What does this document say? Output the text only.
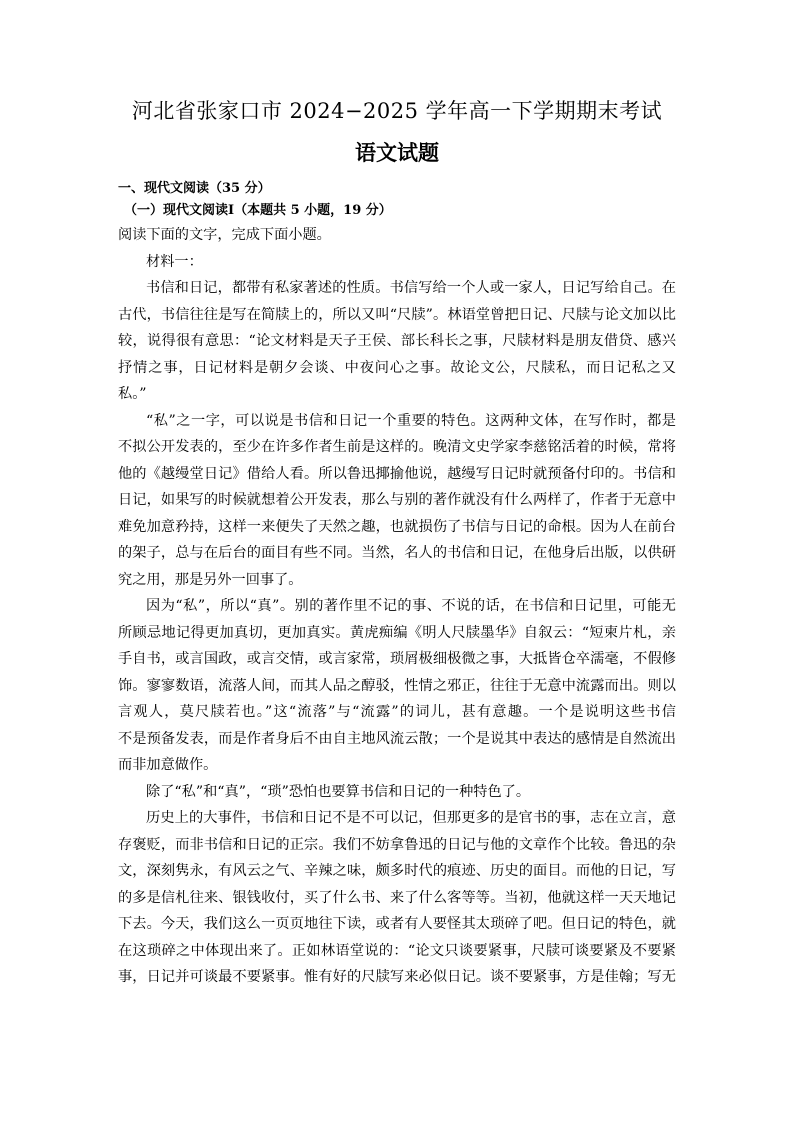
河北省张家口市 2024−2025 学年高一下学期期末考试
语文试题
一、现代文阅读（35 分）
（一）现代文阅读Ⅰ（本题共 5 小题，19 分）
阅读下面的文字，完成下面小题。
材料一：
书信和日记，都带有私家著述的性质。书信写给一个人或一家人，日记写给自己。在
古代，书信往往是写在简牍上的，所以又叫“尺牍”。林语堂曾把日记、尺牍与论文加以比
较，说得很有意思：“论文材料是天子王侯、部长科长之事，尺牍材料是朋友借贷、感兴
抒情之事，日记材料是朝夕会谈、中夜问心之事。故论文公，尺牍私，而日记私之又
私。”
“私”之一字，可以说是书信和日记一个重要的特色。这两种文体，在写作时，都是
不拟公开发表的，至少在许多作者生前是这样的。晚清文史学家李慈铭活着的时候，常将
他的《越缦堂日记》借给人看。所以鲁迅揶揄他说，越缦写日记时就预备付印的。书信和
日记，如果写的时候就想着公开发表，那么与别的著作就没有什么两样了，作者于无意中
难免加意矜持，这样一来便失了天然之趣，也就损伤了书信与日记的命根。因为人在前台
的架子，总与在后台的面目有些不同。当然，名人的书信和日记，在他身后出版，以供研
究之用，那是另外一回事了。
因为“私”，所以“真”。别的著作里不记的事、不说的话，在书信和日记里，可能无
所顾忌地记得更加真切，更加真实。黄虎痴编《明人尺牍墨华》自叙云：“短柬片札，亲
手自书，或言国政，或言交情，或言家常，琐屑极细极微之事，大抵皆仓卒濡毫，不假修
饰。寥寥数语，流落人间，而其人品之醇驳，性情之邪正，往往于无意中流露而出。则以
言观人，莫尺牍若也。”这“流落”与“流露”的词儿，甚有意趣。一个是说明这些书信
不是预备发表，而是作者身后不由自主地风流云散；一个是说其中表达的感情是自然流出
而非加意做作。
除了“私”和“真”，“琐”恐怕也要算书信和日记的一种特色了。
历史上的大事件，书信和日记不是不可以记，但那更多的是官书的事，志在立言，意
存褒贬，而非书信和日记的正宗。我们不妨拿鲁迅的日记与他的文章作个比较。鲁迅的杂
文，深刻隽永，有风云之气、辛辣之味，颇多时代的痕迹、历史的面目。而他的日记，写
的多是信札往来、银钱收付，买了什么书、来了什么客等等。当初，他就这样一天天地记
下去。今天，我们这么一页页地往下读，或者有人要怪其太琐碎了吧。但日记的特色，就
在这琐碎之中体现出来了。正如林语堂说的：“论文只谈要紧事，尺牍可谈要紧及不要紧
事，日记并可谈最不要紧事。惟有好的尺牍写来必似日记。谈不要紧事，方是佳翰；写无
